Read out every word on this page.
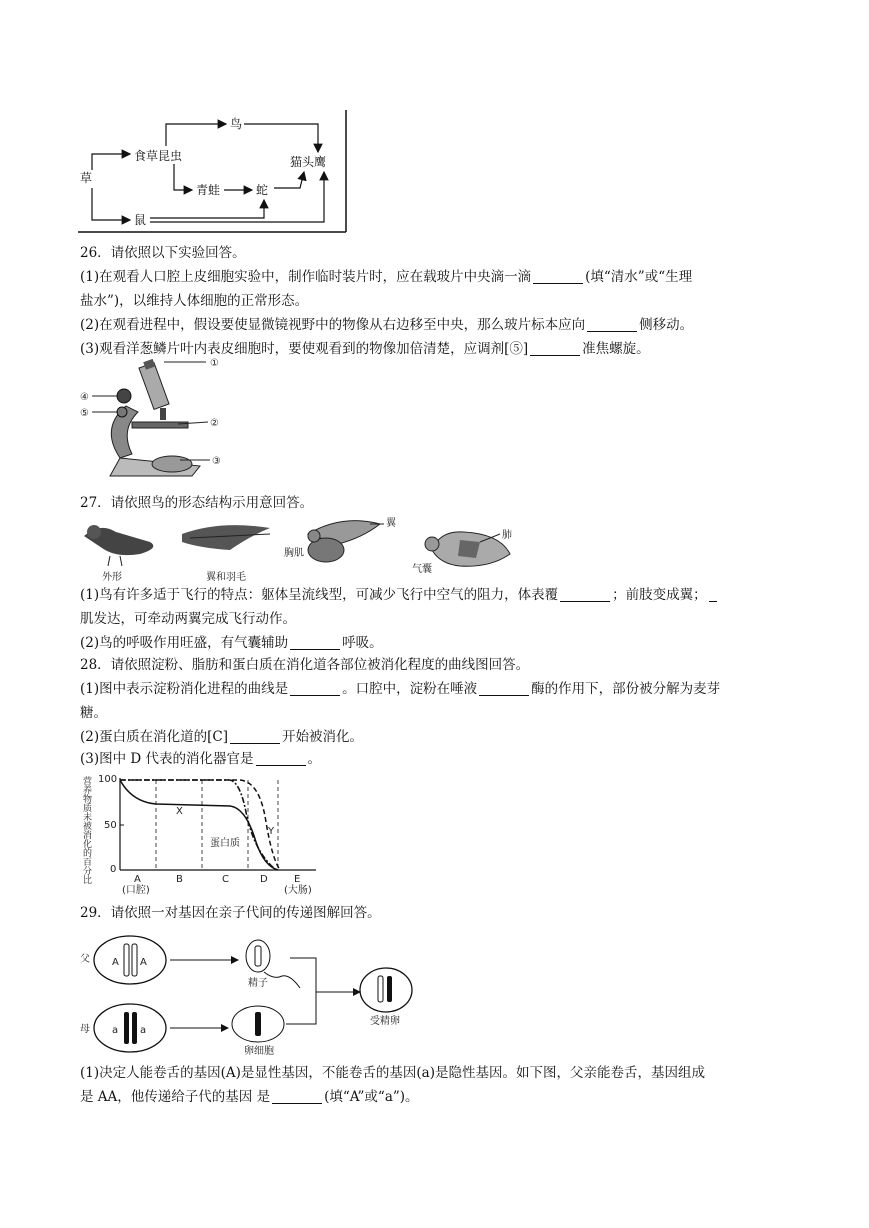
鸟
食草昆虫	猫头鹰
草
青蛙	蛇
鼠
26．请依照以下实验回答。
(1)在观看人口腔上皮细胞实验中，制作临时装片时，应在载玻片中央滴一滴	(填“清水”或“生理
盐水”)，以维持人体细胞的正常形态。
(2)在观看进程中，假设要使显微镜视野中的物像从右边移至中央，那么玻片标本应向	侧移动。
(3)观看洋葱鳞片叶内表皮细胞时，要使观看到的物像加倍清楚，应调剂[⑤]	准焦螺旋。
①
②
③
④
⑤
27．请依照鸟的形态结构示用意回答。
外形	翼和羽毛
胸肌
翼
肺
气囊
(1)鸟有许多适于飞行的特点：躯体呈流线型，可减少飞行中空气的阻力，体表覆	；前肢变成翼；
肌发达，可牵动两翼完成飞行动作。
(2)鸟的呼吸作用旺盛，有气囊辅助	呼吸。
28．请依照淀粉、脂肪和蛋白质在消化道各部位被消化程度的曲线图回答。
(1)图中表示淀粉消化进程的曲线是	。口腔中，淀粉在唾液	酶的作用下，部份被分解为麦芽
糖。
(2)蛋白质在消化道的[C]	开始被消化。
(3)图中 D 代表的消化器官是	。
营养物质未被消化的百分比 100
50
0
X
Y
蛋白质
A	B	C	D	E
(口腔)	(大肠)
29．请依照一对基因在亲子代间的传递图解回答。
父 A A
精子
母 a a
卵细胞
受精卵
(1)决定人能卷舌的基因(A)是显性基因，不能卷舌的基因(a)是隐性基因。如下图，父亲能卷舌，基因组成
是 AA，他传递给子代的基因 是	(填“A”或“a”)。
